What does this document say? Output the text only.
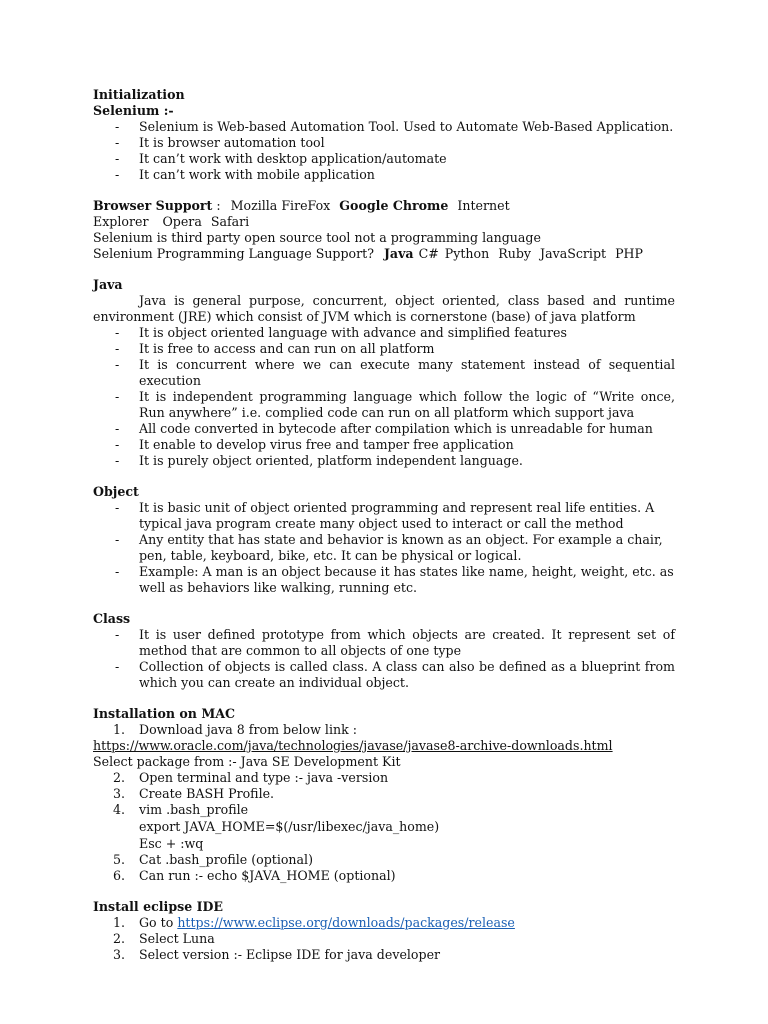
Initialization
Selenium :-
- Selenium is Web-based Automation Tool. Used to Automate Web-Based Application.
- It is browser automation tool
- It can’t work with desktop application/automate
- It can’t work with mobile application
Browser Support : Mozilla FireFox Google Chrome Internet Explorer Opera Safari
Selenium is third party open source tool not a programming language
Selenium Programming Language Support? Java C# Python Ruby JavaScript PHP
Java
Java is general purpose, concurrent, object oriented, class based and runtime environment (JRE) which consist of JVM which is cornerstone (base) of java platform
- It is object oriented language with advance and simplified features
- It is free to access and can run on all platform
- It is concurrent where we can execute many statement instead of sequential execution
- It is independent programming language which follow the logic of “Write once, Run anywhere” i.e. complied code can run on all platform which support java
- All code converted in bytecode after compilation which is unreadable for human
- It enable to develop virus free and tamper free application
- It is purely object oriented, platform independent language.
Object
- It is basic unit of object oriented programming and represent real life entities. A typical java program create many object used to interact or call the method
- Any entity that has state and behavior is known as an object. For example a chair, pen, table, keyboard, bike, etc. It can be physical or logical.
- Example: A man is an object because it has states like name, height, weight, etc. as well as behaviors like walking, running etc.
Class
- It is user defined prototype from which objects are created. It represent set of method that are common to all objects of one type
- Collection of objects is called class. A class can also be defined as a blueprint from which you can create an individual object.
Installation on MAC
1. Download java 8 from below link :
https://www.oracle.com/java/technologies/javase/javase8-archive-downloads.html
Select package from :- Java SE Development Kit
2. Open terminal and type :- java -version
3. Create BASH Profile.
4. vim .bash_profile
export JAVA_HOME=$(/usr/libexec/java_home)
Esc + :wq
5. Cat .bash_profile (optional)
6. Can run :- echo $JAVA_HOME (optional)
Install eclipse IDE
1. Go to https://www.eclipse.org/downloads/packages/release
2. Select Luna
3. Select version :- Eclipse IDE for java developer
